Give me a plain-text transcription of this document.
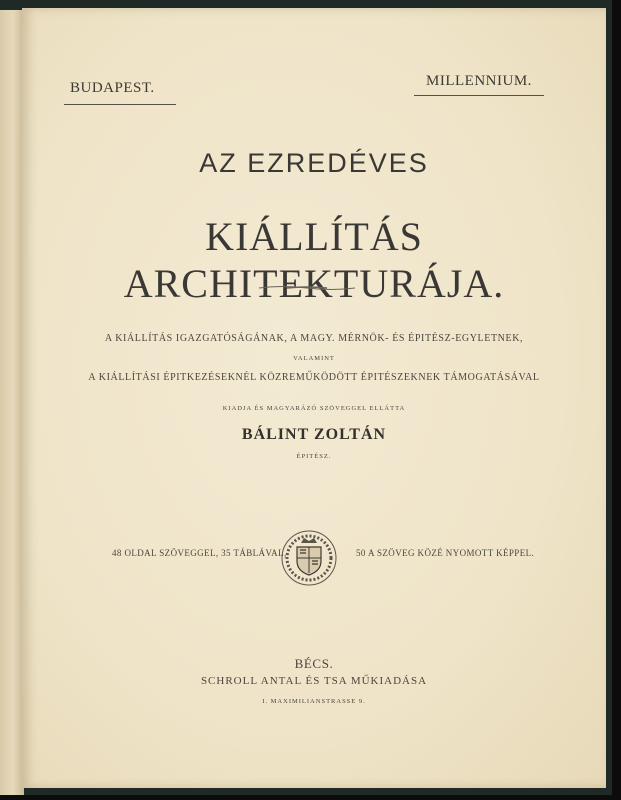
BUDAPEST.	MILLENNIUM.
AZ EZREDÉVES
KIÁLLÍTÁS ARCHITEKTURÁJA.
A KIÁLLÍTÁS IGAZGATÓSÁGÁNAK, A MAGY. MÉRNÖK- ÉS ÉPITÉSZ-EGYLETNEK,
VALAMINT
A KIÁLLÍTÁSI ÉPITKEZÉSEKNÉL KÖZREMŰKÖDÖTT ÉPITÉSZEKNEK TÁMOGATÁSÁVAL
KIADJA ÉS MAGYARÁZÓ SZÖVEGGEL ELLÁTTA
BÁLINT ZOLTÁN
ÉPITÉSZ.
48 OLDAL SZÖVEGGEL, 35 TÁBLÁVAL,	50 A SZÖVEG KÖZÉ NYOMOTT KÉPPEL.
BÉCS.
SCHROLL ANTAL ÉS TSA MŰKIADÁSA
I. MAXIMILIANSTRASSE 9.
